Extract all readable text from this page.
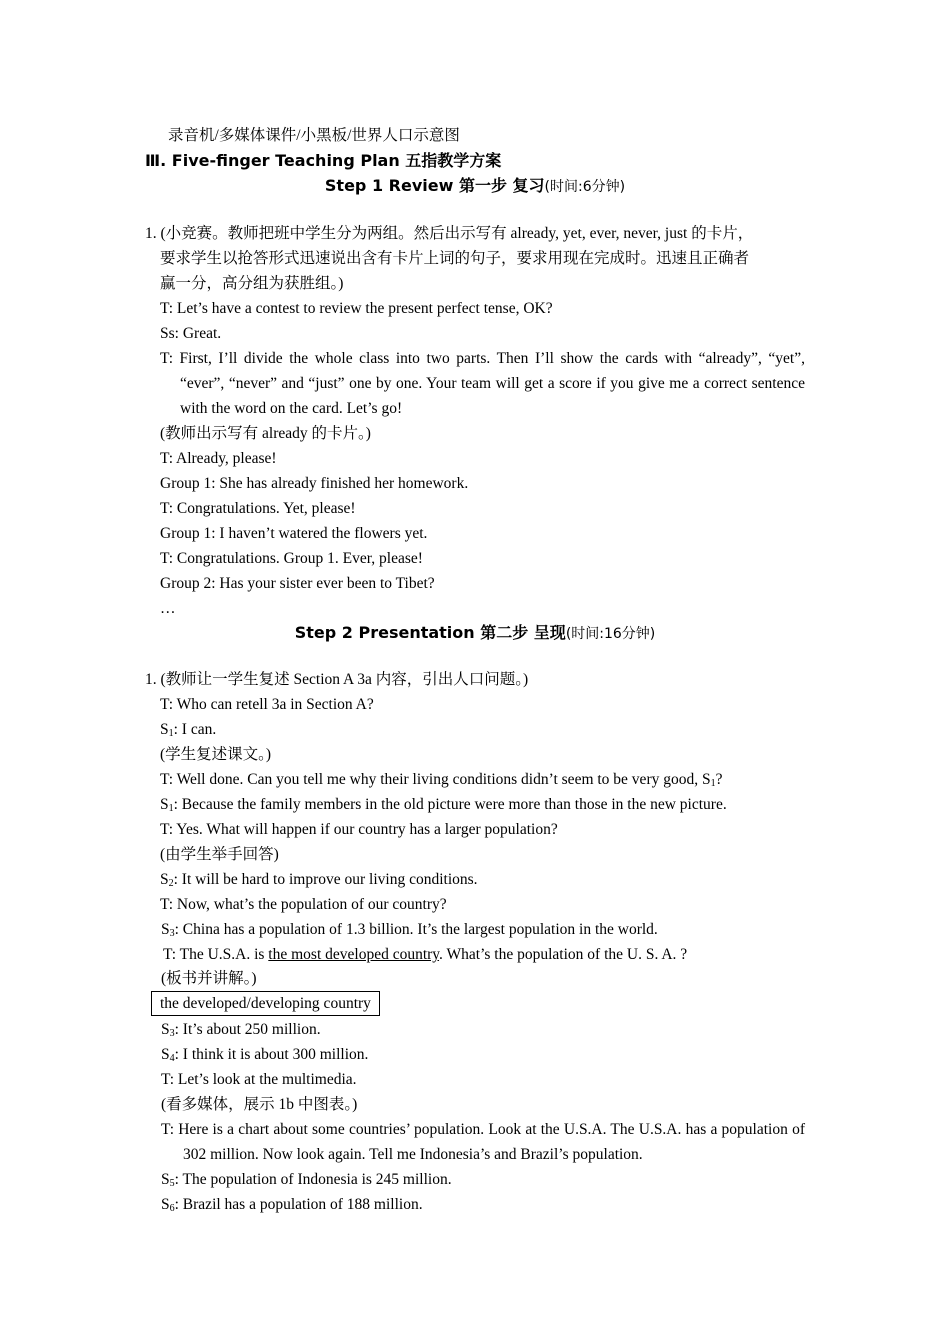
录音机/多媒体课件/小黑板/世界人口示意图
Ⅲ. Five-finger Teaching Plan 五指教学方案
Step 1 Review 第一步 复习(时间:6分钟)
1. (小竞赛。教师把班中学生分为两组。然后出示写有 already, yet, ever, never, just 的卡片，
要求学生以抢答形式迅速说出含有卡片上词的句子，要求用现在完成时。迅速且正确者
赢一分，高分组为获胜组。)
T: Let’s have a contest to review the present perfect tense, OK?
Ss: Great.
T: First, I’ll divide the whole class into two parts. Then I’ll show the cards with “already”, “yet”, “ever”, “never” and “just” one by one. Your team will get a score if you give me a correct sentence with the word on the card. Let’s go!
(教师出示写有 already 的卡片。)
T: Already, please!
Group 1: She has already finished her homework.
T: Congratulations. Yet, please!
Group 1: I haven’t watered the flowers yet.
T: Congratulations. Group 1. Ever, please!
Group 2: Has your sister ever been to Tibet?
…
Step 2 Presentation 第二步 呈现(时间:16分钟)
1. (教师让一学生复述 Section A 3a 内容，引出人口问题。)
T: Who can retell 3a in Section A?
$S_1$: I can.
(学生复述课文。)
T: Well done. Can you tell me why their living conditions didn’t seem to be very good, $S_1$?
$S_1$: Because the family members in the old picture were more than those in the new picture.
T: Yes. What will happen if our country has a larger population?
(由学生举手回答)
$S_2$: It will be hard to improve our living conditions.
T: Now, what’s the population of our country?
$S_3$: China has a population of 1.3 billion. It’s the largest population in the world.
T: The U.S.A. is the most developed country. What’s the population of the U. S. A. ?
(板书并讲解。)
the developed/developing country
$S_3$: It’s about 250 million.
$S_4$: I think it is about 300 million.
T: Let’s look at the multimedia.
(看多媒体，展示 1b 中图表。)
T: Here is a chart about some countries’ population. Look at the U.S.A. The U.S.A. has a population of 302 million. Now look again. Tell me Indonesia’s and Brazil’s population.
$S_5$: The population of Indonesia is 245 million.
$S_6$: Brazil has a population of 188 million.
